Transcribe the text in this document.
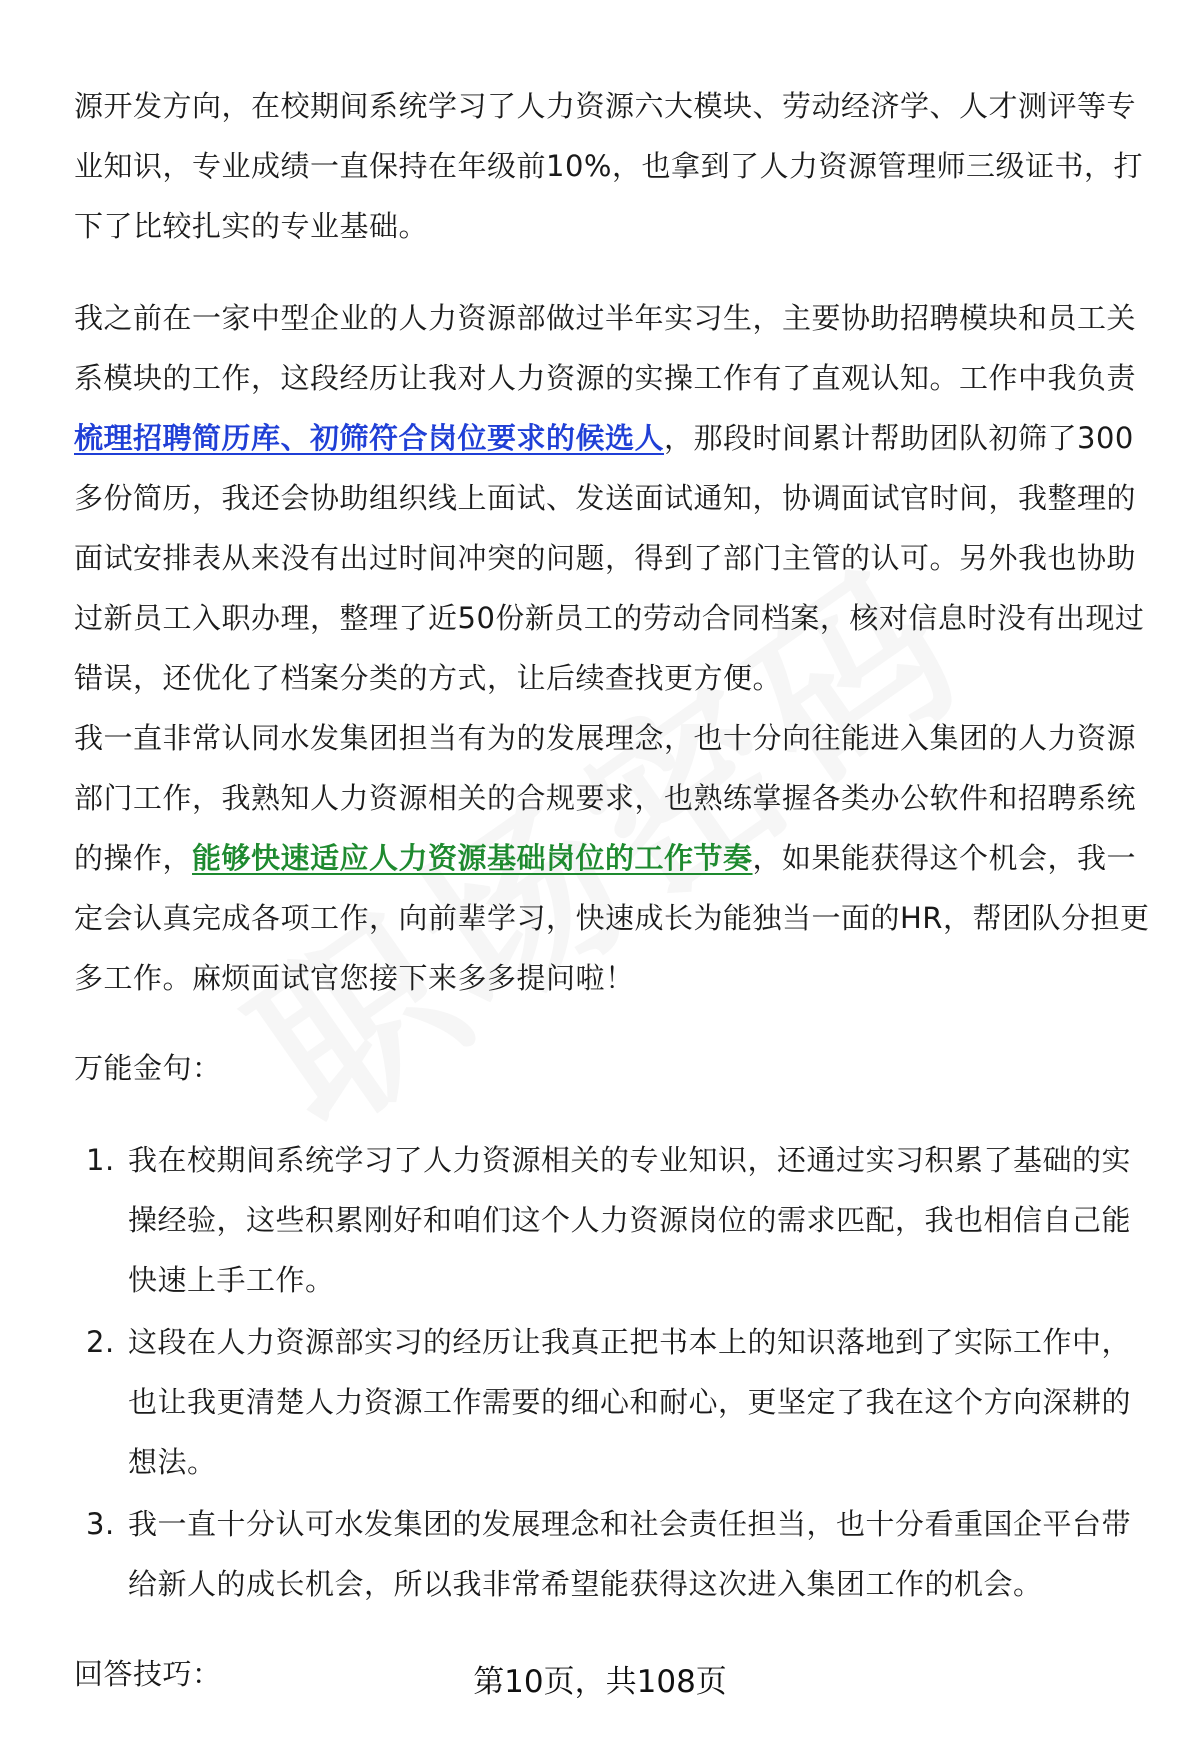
源开发方向，在校期间系统学习了人力资源六大模块、劳动经济学、人才测评等专业知识，专业成绩一直保持在年级前10%，也拿到了人力资源管理师三级证书，打下了比较扎实的专业基础。

我之前在一家中型企业的人力资源部做过半年实习生，主要协助招聘模块和员工关系模块的工作，这段经历让我对人力资源的实操工作有了直观认知。工作中我负责梳理招聘简历库、初筛符合岗位要求的候选人，那段时间累计帮助团队初筛了300多份简历，我还会协助组织线上面试、发送面试通知，协调面试官时间，我整理的面试安排表从来没有出过时间冲突的问题，得到了部门主管的认可。另外我也协助过新员工入职办理，整理了近50份新员工的劳动合同档案，核对信息时没有出现过错误，还优化了档案分类的方式，让后续查找更方便。

我一直非常认同水发集团担当有为的发展理念，也十分向往能进入集团的人力资源部门工作，我熟知人力资源相关的合规要求，也熟练掌握各类办公软件和招聘系统的操作，能够快速适应人力资源基础岗位的工作节奏，如果能获得这个机会，我一定会认真完成各项工作，向前辈学习，快速成长为能独当一面的HR，帮团队分担更多工作。麻烦面试官您接下来多多提问啦！

万能金句：

1. 我在校期间系统学习了人力资源相关的专业知识，还通过实习积累了基础的实操经验，这些积累刚好和咱们这个人力资源岗位的需求匹配，我也相信自己能快速上手工作。
2. 这段在人力资源部实习的经历让我真正把书本上的知识落地到了实际工作中，也让我更清楚人力资源工作需要的细心和耐心，更坚定了我在这个方向深耕的想法。
3. 我一直十分认可水发集团的发展理念和社会责任担当，也十分看重国企平台带给新人的成长机会，所以我非常希望能获得这次进入集团工作的机会。

回答技巧：	第10页，共108页
